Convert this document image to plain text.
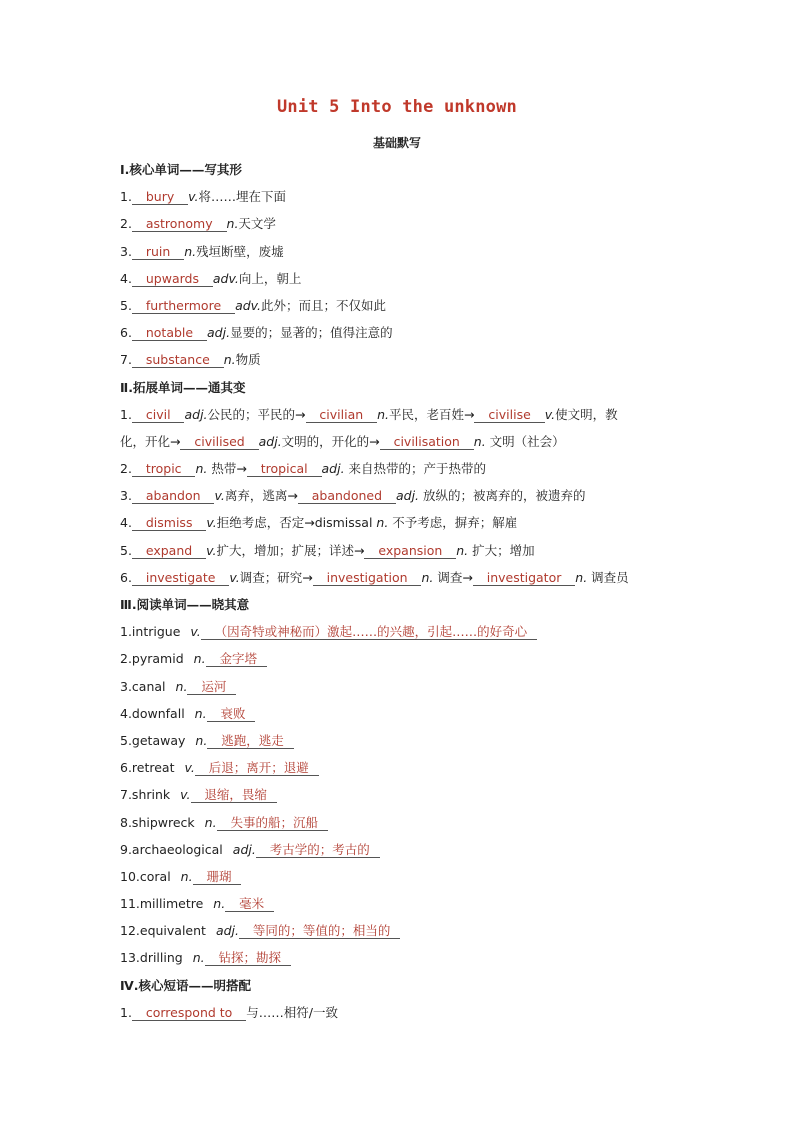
Unit 5 Into the unknown
基础默写
Ⅰ.核心单词——写其形
1.   bury   v.将……埋在下面
2.   astronomy   n.天文学
3.   ruin   n.残垣断壁，废墟
4.   upwards   adv.向上，朝上
5.   furthermore   adv.此外；而且；不仅如此
6.   notable   adj.显要的；显著的；值得注意的
7.   substance   n.物质
Ⅱ.拓展单词——通其变
1.   civil   adj.公民的；平民的→   civilian   n.平民，老百姓→   civilise   v.使文明，教
化，开化→   civilised   adj.文明的，开化的→   civilisation   n. 文明（社会）
2.   tropic   n. 热带→   tropical   adj. 来自热带的；产于热带的
3.   abandon   v.离弃，逃离→   abandoned   adj. 放纵的；被离弃的，被遗弃的
4.   dismiss   v.拒绝考虑，否定→dismissal n. 不予考虑，摒弃；解雇
5.   expand   v.扩大，增加；扩展；详述→   expansion   n. 扩大；增加
6.   investigate   v.调查；研究→   investigation   n. 调查→   investigator   n. 调查员
Ⅲ.阅读单词——晓其意
1.intrigue v.   （因奇特或神秘而）激起……的兴趣，引起……的好奇心
2.pyramid n.   金字塔
3.canal n.   运河
4.downfall n.   衰败
5.getaway n.   逃跑，逃走
6.retreat v.   后退；离开；退避
7.shrink v.   退缩，畏缩
8.shipwreck n.   失事的船；沉船
9.archaeological adj.   考古学的；考古的
10.coral n.   珊瑚
11.millimetre n.   毫米
12.equivalent adj.   等同的；等值的；相当的
13.drilling n.   钻探；勘探
Ⅳ.核心短语——明搭配
1.   correspond to   与……相符/一致
